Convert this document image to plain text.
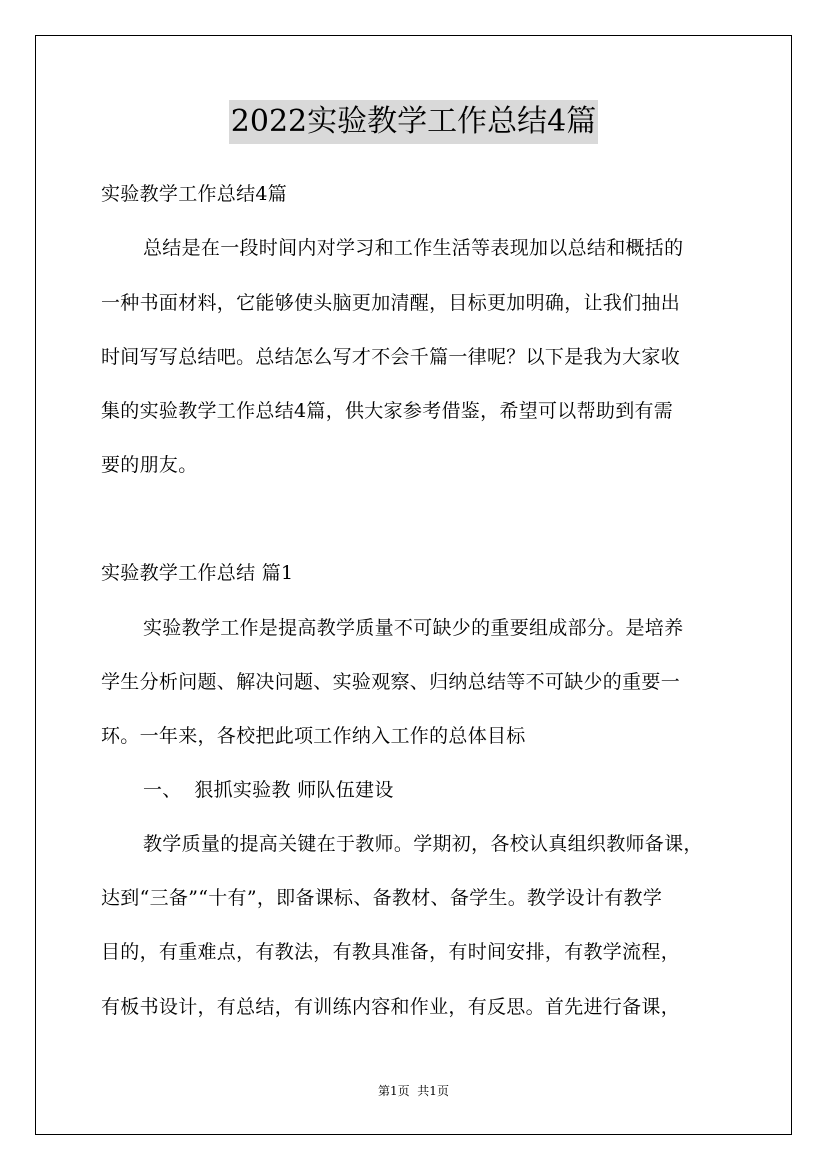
2022实验教学工作总结4篇
实验教学工作总结4篇
总结是在一段时间内对学习和工作生活等表现加以总结和概括的
一种书面材料，它能够使头脑更加清醒，目标更加明确，让我们抽出
时间写写总结吧。总结怎么写才不会千篇一律呢？以下是我为大家收
集的实验教学工作总结4篇，供大家参考借鉴，希望可以帮助到有需
要的朋友。
实验教学工作总结 篇1
实验教学工作是提高教学质量不可缺少的重要组成部分。是培养
学生分析问题、解决问题、实验观察、归纳总结等不可缺少的重要一
环。一年来，各校把此项工作纳入工作的总体目标
一、  狠抓实验教 师队伍建设
教学质量的提高关键在于教师。学期初，各校认真组织教师备课，
达到“三备”“十有”，即备课标、备教材、备学生。教学设计有教学
目的，有重难点，有教法，有教具准备，有时间安排，有教学流程，
有板书设计，有总结，有训练内容和作业，有反思。首先进行备课，
第1页  共1页
